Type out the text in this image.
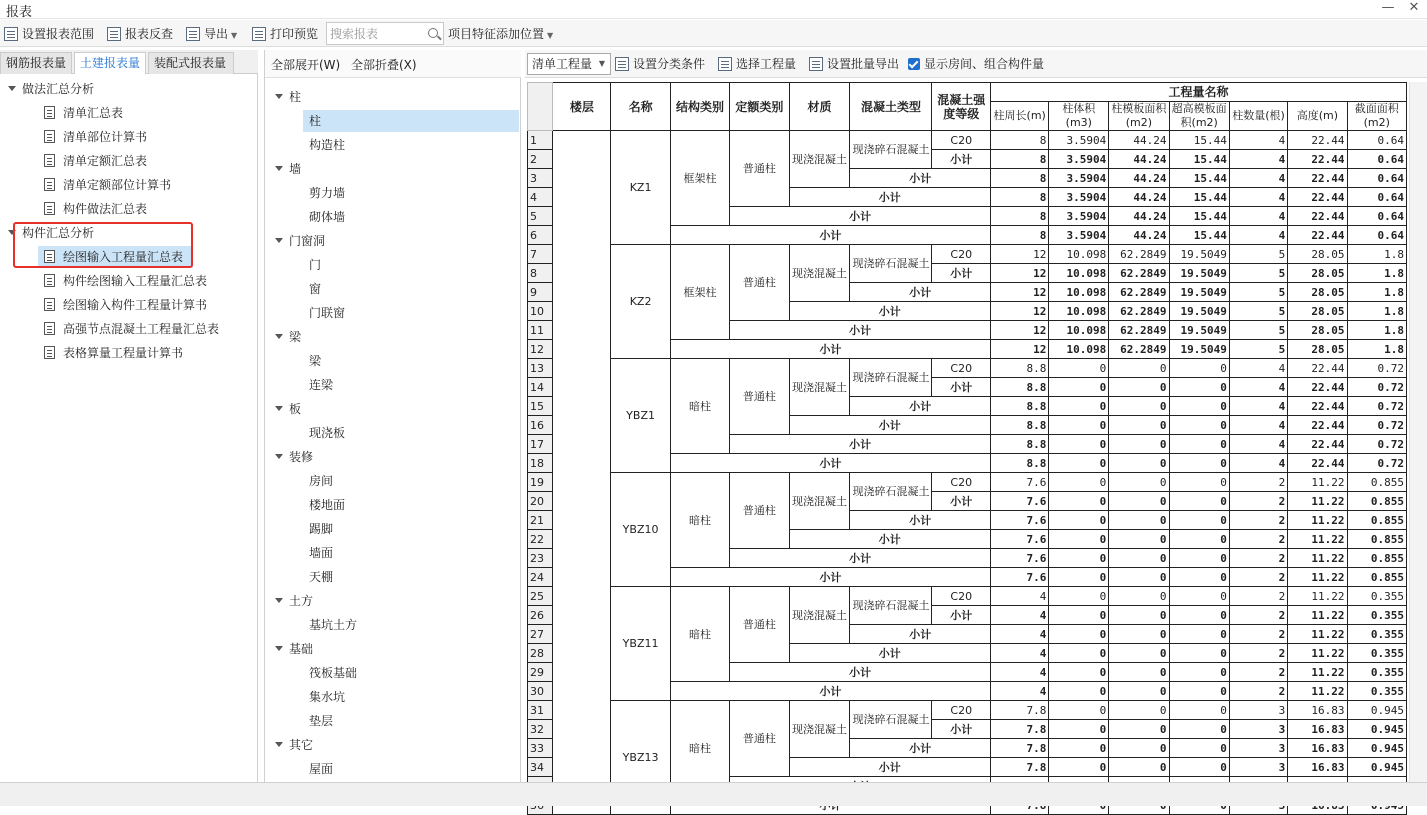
报表	—	✕
设置报表范围	报表反查	导出 ▼	打印预览	项目特征添加位置 ▼
搜索报表
钢筋报表量	土建报表量	装配式报表量
做法汇总分析
清单汇总表
清单部位计算书
清单定额汇总表
清单定额部位计算书
构件做法汇总表
构件汇总分析
绘图输入工程量汇总表
构件绘图输入工程量汇总表
绘图输入构件工程量计算书
高强节点混凝土工程量汇总表
表格算量工程量计算书
全部展开(W) 全部折叠(X)
柱
柱
构造柱
墙
剪力墙
砌体墙
门窗洞
门
窗
门联窗
梁
梁
连梁
板
现浇板
装修
房间
楼地面
踢脚
墙面
天棚
土方
基坑土方
基础
筏板基础
集水坑
垫层
其它
屋面
清单工程量 ▼	设置分类条件	选择工程量	设置批量导出	显示房间、组合构件量
	楼层	名称	结构类别	定额类别	材质	混凝土类型	混凝土强度等级	工程量名称						
								柱周长(m)	柱体积(m3)	柱模板面积(m2)	超高模板面积(m2)	柱数量(根)	高度(m)	截面面积(m2)
1		KZ1	框架柱	普通柱	现浇混凝土	现浇碎石混凝土	C20	8	3.5904	44.24	15.44	4	22.44	0.64
2							小计	8	3.5904	44.24	15.44	4	22.44	0.64
3						小计		8	3.5904	44.24	15.44	4	22.44	0.64
4					小计			8	3.5904	44.24	15.44	4	22.44	0.64
5				小计				8	3.5904	44.24	15.44	4	22.44	0.64
6			小计					8	3.5904	44.24	15.44	4	22.44	0.64
7		KZ2	框架柱	普通柱	现浇混凝土	现浇碎石混凝土	C20	12	10.098	62.2849	19.5049	5	28.05	1.8
8							小计	12	10.098	62.2849	19.5049	5	28.05	1.8
9						小计		12	10.098	62.2849	19.5049	5	28.05	1.8
10					小计			12	10.098	62.2849	19.5049	5	28.05	1.8
11				小计				12	10.098	62.2849	19.5049	5	28.05	1.8
12			小计					12	10.098	62.2849	19.5049	5	28.05	1.8
13		YBZ1	暗柱	普通柱	现浇混凝土	现浇碎石混凝土	C20	8.8	0	0	0	4	22.44	0.72
14							小计	8.8	0	0	0	4	22.44	0.72
15						小计		8.8	0	0	0	4	22.44	0.72
16					小计			8.8	0	0	0	4	22.44	0.72
17				小计				8.8	0	0	0	4	22.44	0.72
18			小计					8.8	0	0	0	4	22.44	0.72
19		YBZ10	暗柱	普通柱	现浇混凝土	现浇碎石混凝土	C20	7.6	0	0	0	2	11.22	0.855
20							小计	7.6	0	0	0	2	11.22	0.855
21						小计		7.6	0	0	0	2	11.22	0.855
22					小计			7.6	0	0	0	2	11.22	0.855
23				小计				7.6	0	0	0	2	11.22	0.855
24			小计					7.6	0	0	0	2	11.22	0.855
25		YBZ11	暗柱	普通柱	现浇混凝土	现浇碎石混凝土	C20	4	0	0	0	2	11.22	0.355
26							小计	4	0	0	0	2	11.22	0.355
27						小计		4	0	0	0	2	11.22	0.355
28					小计			4	0	0	0	2	11.22	0.355
29				小计				4	0	0	0	2	11.22	0.355
30			小计					4	0	0	0	2	11.22	0.355
31		YBZ13	暗柱	普通柱	现浇混凝土	现浇碎石混凝土	C20	7.8	0	0	0	3	16.83	0.945
32							小计	7.8	0	0	0	3	16.83	0.945
33						小计		7.8	0	0	0	3	16.83	0.945
34					小计			7.8	0	0	0	3	16.83	0.945
